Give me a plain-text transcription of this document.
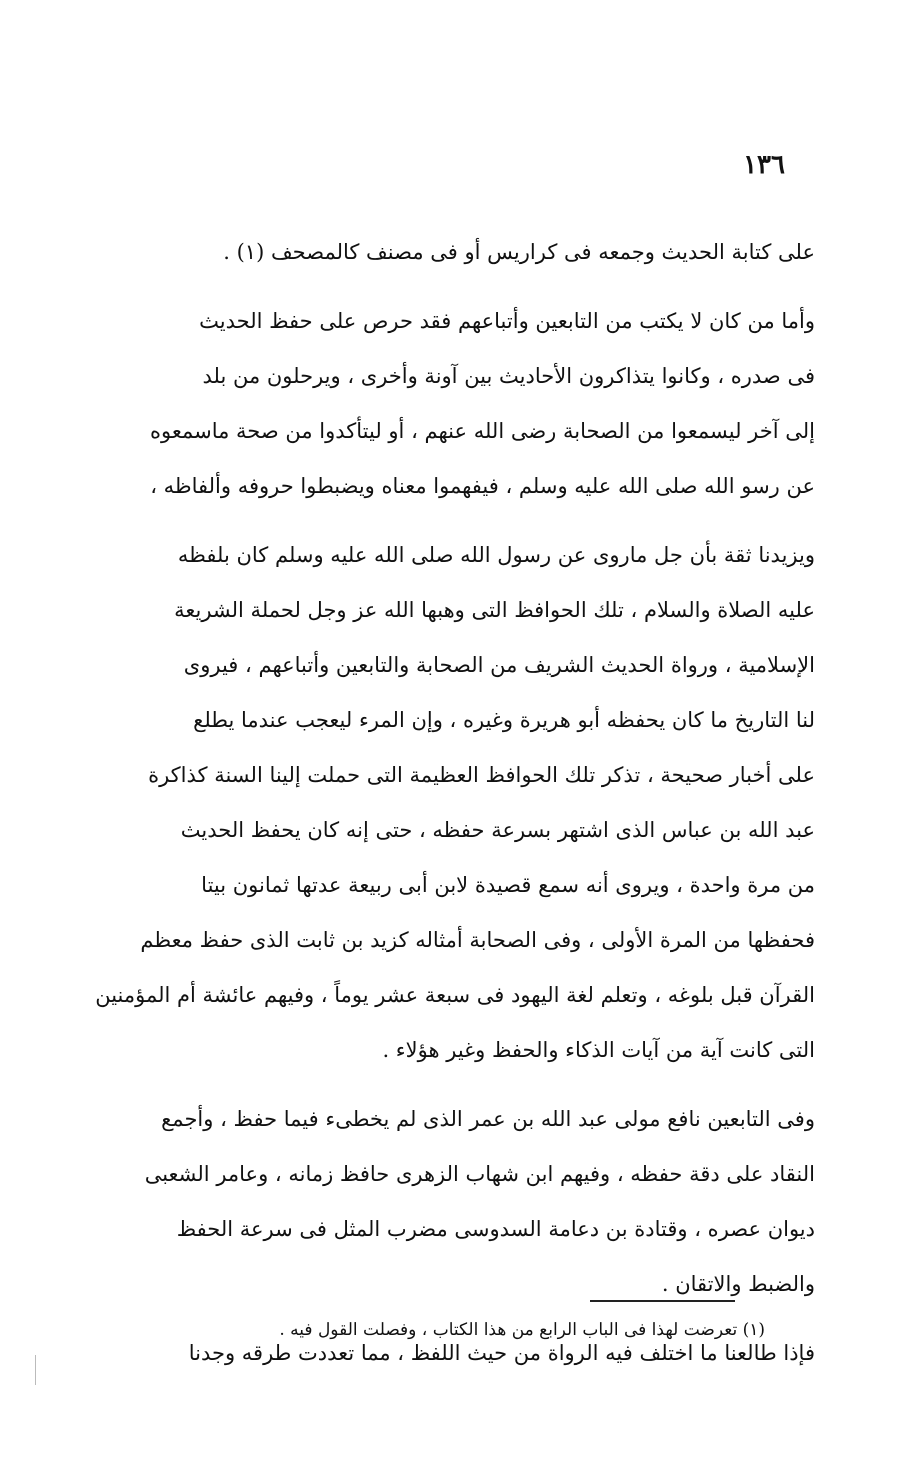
١٣٦
على كتابة الحديث وجمعه فى كراريس أو فى مصنف كالمصحف (١) .
وأما من كان لا يكتب من التابعين وأتباعهم فقد حرص على حفظ الحديث
فى صدره ، وكانوا يتذاكرون الأحاديث بين آونة وأخرى ، ويرحلون من بلد
إلى آخر ليسمعوا من الصحابة رضى الله عنهم ، أو ليتأكدوا من صحة ماسمعوه
عن رسو الله صلى الله عليه وسلم ، فيفهموا معناه ويضبطوا حروفه وألفاظه ،
ويزيدنا ثقة بأن جل ماروى عن رسول الله صلى الله عليه وسلم كان بلفظه
عليه الصلاة والسلام ، تلك الحوافظ التى وهبها الله عز وجل لحملة الشريعة
الإسلامية ، ورواة الحديث الشريف من الصحابة والتابعين وأتباعهم ، فيروى
لنا التاريخ ما كان يحفظه أبو هريرة وغيره ، وإن المرء ليعجب عندما يطلع
على أخبار صحيحة ، تذكر تلك الحوافظ العظيمة التى حملت إلينا السنة كذاكرة
عبد الله بن عباس الذى اشتهر بسرعة حفظه ، حتى إنه كان يحفظ الحديث
من مرة واحدة ، ويروى أنه سمع قصيدة لابن أبى ربيعة عدتها ثمانون بيتا
فحفظها من المرة الأولى ، وفى الصحابة أمثاله كزيد بن ثابت الذى حفظ معظم
القرآن قبل بلوغه ، وتعلم لغة اليهود فى سبعة عشر يوماً ، وفيهم عائشة أم المؤمنين
التى كانت آية من آيات الذكاء والحفظ وغير هؤلاء .
وفى التابعين نافع مولى عبد الله بن عمر الذى لم يخطىء فيما حفظ ، وأجمع
النقاد على دقة حفظه ، وفيهم ابن شهاب الزهرى حافظ زمانه ، وعامر الشعبى
ديوان عصره ، وقتادة بن دعامة السدوسى مضرب المثل فى سرعة الحفظ
والضبط والاتقان .
فإذا طالعنا ما اختلف فيه الرواة من حيث اللفظ ، مما تعددت طرقه وجدنا
(١) تعرضت لهذا فى الباب الرابع من هذا الكتاب ، وفصلت القول فيه .
